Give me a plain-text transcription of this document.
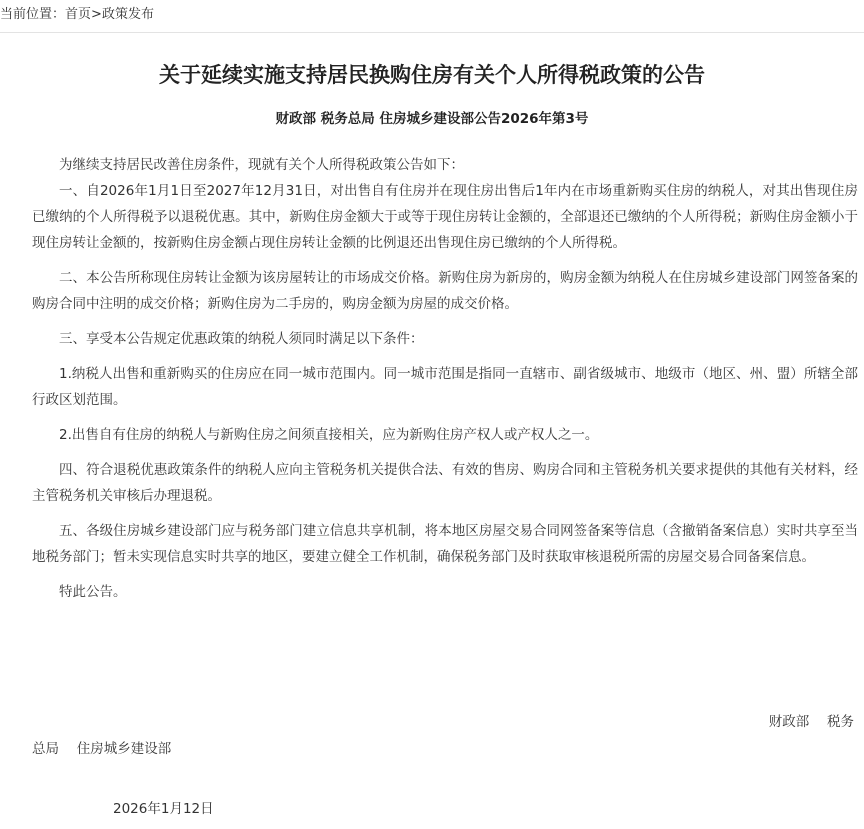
当前位置：首页>政策发布
关于延续实施支持居民换购住房有关个人所得税政策的公告
财政部 税务总局 住房城乡建设部公告2026年第3号

为继续支持居民改善住房条件，现就有关个人所得税政策公告如下：

一、自2026年1月1日至2027年12月31日，对出售自有住房并在现住房出售后1年内在市场重新购买住房的纳税人，对其出售现住房已缴纳的个人所得税予以退税优惠。其中，新购住房金额大于或等于现住房转让金额的，全部退还已缴纳的个人所得税；新购住房金额小于现住房转让金额的，按新购住房金额占现住房转让金额的比例退还出售现住房已缴纳的个人所得税。

二、本公告所称现住房转让金额为该房屋转让的市场成交价格。新购住房为新房的，购房金额为纳税人在住房城乡建设部门网签备案的购房合同中注明的成交价格；新购住房为二手房的，购房金额为房屋的成交价格。

三、享受本公告规定优惠政策的纳税人须同时满足以下条件：

1.纳税人出售和重新购买的住房应在同一城市范围内。同一城市范围是指同一直辖市、副省级城市、地级市（地区、州、盟）所辖全部行政区划范围。

2.出售自有住房的纳税人与新购住房之间须直接相关，应为新购住房产权人或产权人之一。

四、符合退税优惠政策条件的纳税人应向主管税务机关提供合法、有效的售房、购房合同和主管税务机关要求提供的其他有关材料，经主管税务机关审核后办理退税。

五、各级住房城乡建设部门应与税务部门建立信息共享机制，将本地区房屋交易合同网签备案等信息（含撤销备案信息）实时共享至当地税务部门；暂未实现信息实时共享的地区，要建立健全工作机制，确保税务部门及时获取审核退税所需的房屋交易合同备案信息。

特此公告。

财政部　 税务
总局　 住房城乡建设部
2026年1月12日
